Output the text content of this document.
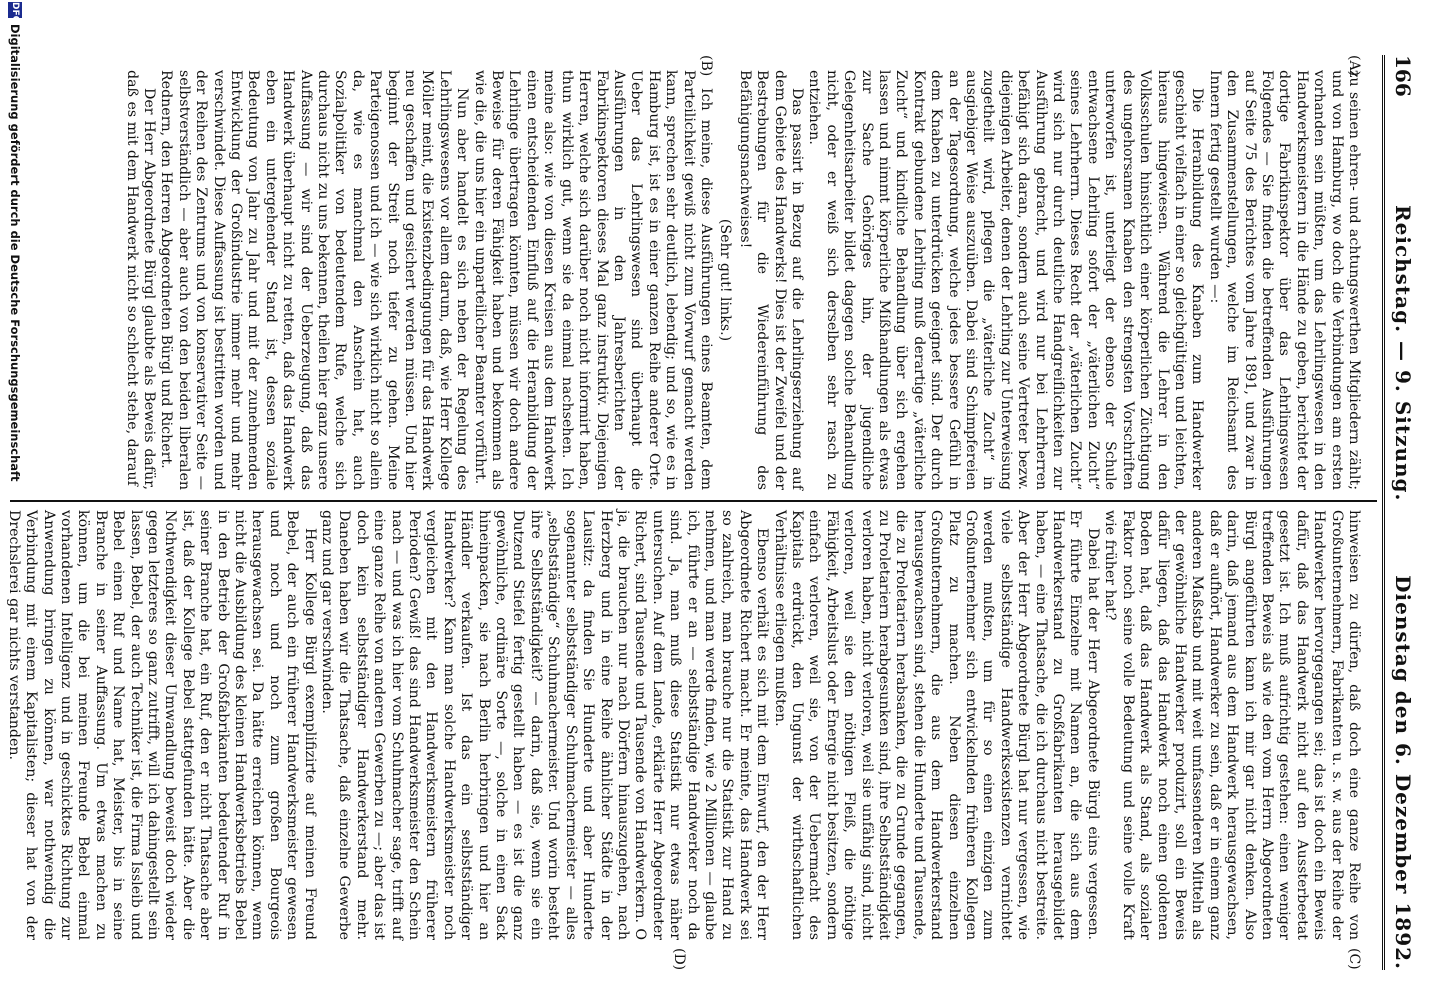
166
Reichstag. — 9. Sitzung.
Dienstag den 6. Dezember 1892.
(A)
(B)
(C)
(D)

zu seinen ehren- und achtungswerthen Mitgliedern zählt; und von Hamburg, wo doch die Verbindungen am ersten vorhanden sein müßten, um das Lehrlingswesen in den Handwerksmeistern in die Hände zu geben, berichtet der dortige Fabrikinspektor über das Lehrlingswesen Folgendes — Sie finden die betreffenden Ausführungen auf Seite 75 des Berichtes vom Jahre 1891, und zwar in den Zusammenstellungen, welche im Reichsamt des Innern fertig gestellt wurden —:

Die Heranbildung des Knaben zum Handwerker geschieht vielfach in einer so gleichgültigen und leichten, hieraus hingewiesen. Während die Lehrer in den Volksschulen hinsichtlich einer körperlichen Züchtigung des ungehorsamen Knaben den strengsten Vorschriften unterworfen ist, unterliegt der ebenso der Schule entwachsene Lehrling sofort der „väterlichen Zucht“ seines Lehrherrn. Dieses Recht der „väterlichen Zucht“ wird sich nur durch deutliche Handgreiflichkeiten zur Ausführung gebracht, und wird nur bei Lehrherren befähigt sich daran, sondern auch seine Vertreter bezw. diejenigen Arbeiter, denen der Lehrling zur Unterweisung zugetheilt wird, pflegen die „väterliche Zucht“ in ausgiebiger Weise auszuüben. Dabei sind Schimpfereien an der Tagesordnung, welche jedes bessere Gefühl in dem Knaben zu unterdrücken geeignet sind. Der durch Kontrakt gebundene Lehrling muß derartige „väterliche Zucht“ und kindliche Behandlung über sich ergehen lassen und nimmt körperliche Mißhandlungen als etwas zur Sache Gehöriges hin, der jugendliche Gelegenheitsarbeiter bildet dagegen solche Behandlung nicht, oder er weiß sich derselben sehr rasch zu entziehen.

Das passirt in Bezug auf die Lehrlingserziehung auf dem Gebiete des Handwerks! Dies ist der Zweifel und der Bestrebungen für die Wiedereinführung des Befähigungsnachweises!

(Sehr gut! links.)

Ich meine, diese Ausführungen eines Beamten, dem Parteilichkeit gewiß nicht zum Vorwurf gemacht werden kann, sprechen sehr deutlich, lebendig; und so, wie es in Hamburg ist, ist es in einer ganzen Reihe anderer Orte. Ueber das Lehrlingswesen sind überhaupt die Ausführungen in den Jahresberichten der Fabrikinspektoren dieses Mal ganz instruktiv. Diejenigen Herren, welche sich darüber noch nicht informirt haben, thun wirklich gut, wenn sie da einmal nachsehen. Ich meine also: wie von diesen Kreisen aus dem Handwerk einen entscheidenden Einfluß auf die Heranbildung der Lehrlinge übertragen könnten, müssen wir doch andere Beweise für deren Fähigkeit haben und bekommen als wie die, die uns hier ein unparteilicher Beamter vorführt.

Nun aber handelt es sich neben der Regelung des Lehrlingswesens vor allem darum, daß, wie Herr Kollege Möller meint, die Existenzbedingungen für das Handwerk neu geschaffen und gesichert werden müssen. Und hier beginnt der Streit noch tiefer zu gehen. Meine Parteigenossen und ich — wie sich wirklich nicht so allein da, wie es manchmal den Anschein hat, auch Sozialpolitiker von bedeutendem Rufe, welche sich durchaus nicht zu uns bekennen, theilen hier ganz unsere Auffassung — wir sind der Ueberzeugung, daß das Handwerk überhaupt nicht zu retten, daß das Handwerk eben ein untergehender Stand ist, dessen soziale Bedeutung von Jahr zu Jahr und mit der zunehmenden Entwicklung der Großindustrie immer mehr und mehr verschwindet. Diese Auffassung ist bestritten worden und der Reihen des Zentrums und von konservativer Seite — selbstverständlich — aber auch von den beiden liberalen Rednern, den Herren Abgeordneten Bürgl und Richert.

Der Herr Abgeordnete Bürgl glaubte als Beweis dafür, daß es mit dem Handwerk nicht so schlecht stehe, darauf

hinweisen zu dürfen, daß doch eine ganze Reihe von Großunternehmern, Fabrikanten u. s. w. aus der Reihe der Handwerker hervorgegangen sei; das ist doch ein Beweis dafür, daß das Handwerk nicht auf den Aussterbeetat gesetzt ist. Ich muß aufrichtig gestehen: einen weniger treffenden Beweis als wie den vom Herrn Abgeordneten Bürgl angeführten kann ich mir gar nicht denken. Also darin, daß jemand aus dem Handwerk herausgewachsen, daß er aufhört, Handwerker zu sein, daß er in einem ganz anderen Maßstab und mit weit umfassenderen Mitteln als der gewöhnliche Handwerker produzirt, soll ein Beweis dafür liegen, daß das Handwerk noch einen goldenen Boden hat, daß das Handwerk als Stand, als sozialer Faktor noch seine volle Bedeutung und seine volle Kraft wie früher hat?

Dabei hat der Herr Abgeordnete Bürgl eins vergessen. Er führte Einzelne mit Namen an, die sich aus dem Handwerkerstand zu Großfabrikanten herausgebildet haben, — eine Thatsache, die ich durchaus nicht bestreite. Aber der Herr Abgeordnete Bürgl hat nur vergessen, wie viele selbstständige Handwerksexistenzen vernichtet werden mußten, um für so einen einzigen zum Großunternehmer sich entwickelnden früheren Kollegen Platz zu machen. Neben diesen einzelnen Großunternehmern, die aus dem Handwerkerstand herausgewachsen sind, stehen die Hunderte und Tausende, die zu Proletariern herabsanken, die zu Grunde gegangen, zu Proletariern herabgesunken sind, ihre Selbstständigkeit verloren haben, nicht verloren, weil sie unfähig sind, nicht verloren, weil sie den nöthigen Fleiß, die nöthige Fähigkeit, Arbeitslust oder Energie nicht besitzen, sondern einfach verloren, weil sie, von der Uebermacht des Kapitals erdrückt, den Ungunst der wirthschaftlichen Verhältnisse erliegen mußten.

Ebenso verhält es sich mit dem Einwurf, den der Herr Abgeordnete Richert macht. Er meinte, das Handwerk sei so zahlreich, man brauche nur die Statistik zur Hand zu nehmen, und man werde finden, wie 2 Millionen — glaube ich, führte er an — selbstständige Handwerker noch da sind. Ja, man muß diese Statistik nur etwas näher untersuchen. Auf dem Lande, erklärte Herr Abgeordneter Richert, sind Tausende und Tausende von Handwerkern. O ja, die brauchen nur nach Dörfern hinauszugehen, nach Herzberg und in eine Reihe ähnlicher Städte in der Lausitz: da finden Sie Hunderte und aber Hunderte sogenannter selbstständiger Schuhmachermeister — alles „selbstständige“ Schuhmachermeister. Und worin besteht ihre Selbstständigkeit? — darin, daß sie, wenn sie ein Dutzend Stiefel fertig gestellt haben — es ist die ganz gewöhnliche, ordinäre Sorte —, solche in einen Sack hineinpacken, sie nach Berlin herbringen und hier an Händler verkaufen. Ist das ein selbstständiger Handwerker? Kann man solche Handwerksmeister noch vergleichen mit den Handwerksmeistern früherer Perioden? Gewiß! das sind Handwerksmeister den Schein nach — und was ich hier vom Schuhmacher sage, trifft auf eine ganze Reihe von anderen Gewerben zu —; aber das ist doch kein selbstständiger Handwerkerstand mehr. Daneben haben wir die Thatsache, daß einzelne Gewerbe ganz und gar verschwinden.

Herr Kollege Bürgl exemplifizirte auf meinen Freund Bebel, der auch ein früherer Handwerksmeister gewesen und noch und noch zum großen Bourgeois herausgewachsen sei. Da hätte erreichen können, wenn nicht die Ausbildung des kleinen Handwerksbetriebs Bebel in den Betrieb der Großfabrikanten bedeutender Ruf in seiner Branche hat, ein Ruf, den er nicht Thatsache aber ist, daß der Kollege Bebel stattgefunden hätte. Aber die Nothwendigkeit dieser Umwandlung beweist doch wieder gegen letzteres so ganz zutrifft, will ich dahingestellt sein lassen, Bebel, der auch Techniker ist, die Firma Issleib und Bebel einen Ruf und Name hat, Meister, bis in seine Branche in seiner Auffassung. Um etwas machen zu können, um die bei meinen Freunde Bebel einmal vorhandenen Intelligenz und in geschicktes Richtung zur Anwendung bringen zu können, war nothwendig die Verbindung mit einem Kapitalisten; dieser hat von der Drechslerei gar nichts verstanden.

DFG
Digitalisierung gefördert durch die Deutsche Forschungsgemeinschaft
